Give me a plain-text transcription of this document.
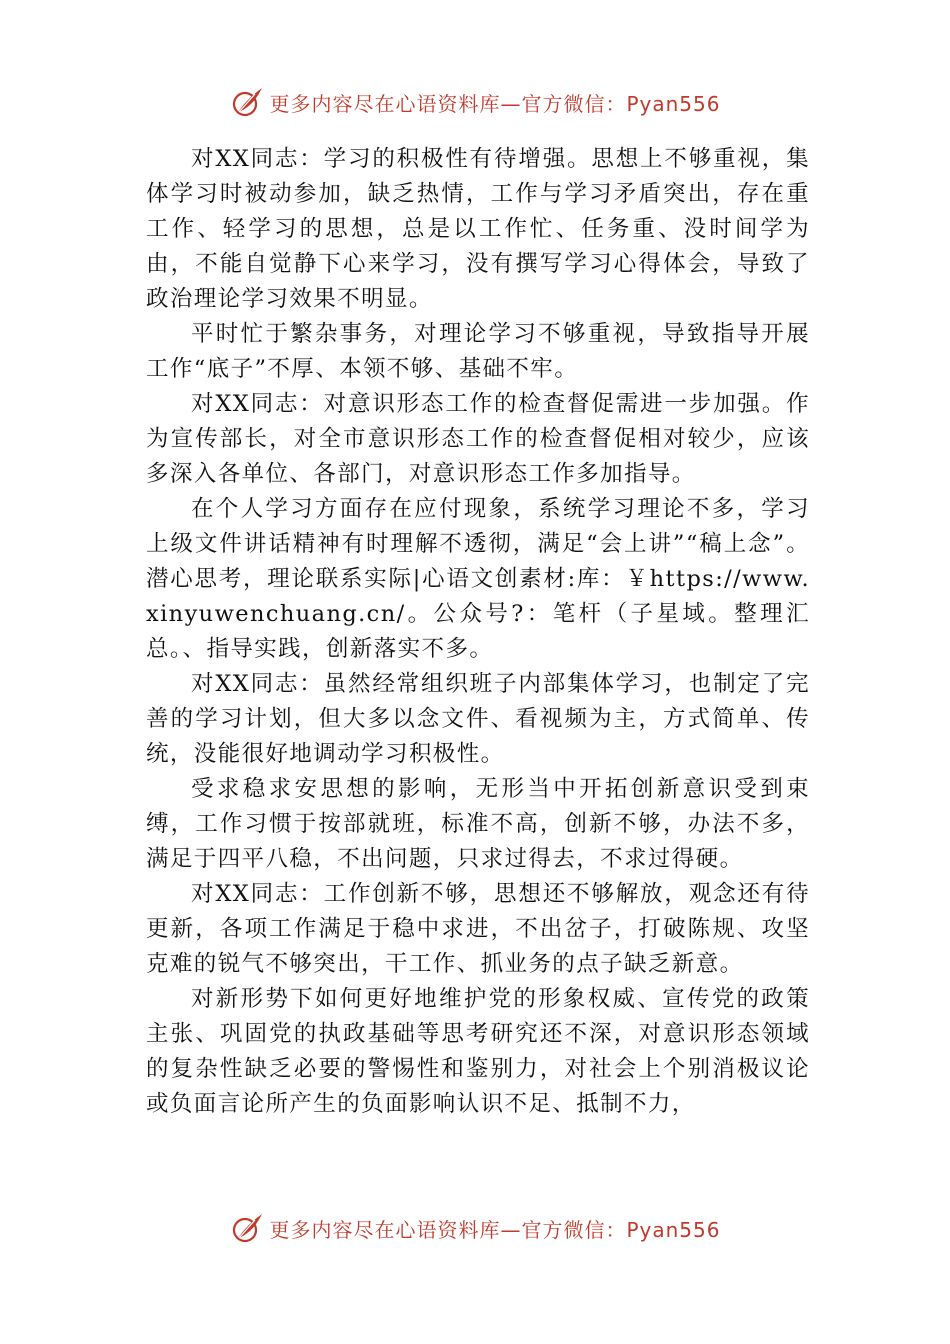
更多内容尽在心语资料库—官方微信：Pyan556

对XX同志：学习的积极性有待增强。思想上不够重视，集体学习时被动参加，缺乏热情，工作与学习矛盾突出，存在重工作、轻学习的思想，总是以工作忙、任务重、没时间学为由，不能自觉静下心来学习，没有撰写学习心得体会，导致了政治理论学习效果不明显。

平时忙于繁杂事务，对理论学习不够重视，导致指导开展工作“底子”不厚、本领不够、基础不牢。

对XX同志：对意识形态工作的检查督促需进一步加强。作为宣传部长，对全市意识形态工作的检查督促相对较少，应该多深入各单位、各部门，对意识形态工作多加指导。

在个人学习方面存在应付现象，系统学习理论不多，学习上级文件讲话精神有时理解不透彻，满足“会上讲”“稿上念”。潜心思考，理论联系实际|心语文创素材:库：￥https://www.xinyuwenchuang.cn/。公众号?：笔杆（子星域。整理汇总。、指导实践，创新落实不多。

对XX同志：虽然经常组织班子内部集体学习，也制定了完善的学习计划，但大多以念文件、看视频为主，方式简单、传统，没能很好地调动学习积极性。

受求稳求安思想的影响，无形当中开拓创新意识受到束缚，工作习惯于按部就班，标准不高，创新不够，办法不多，满足于四平八稳，不出问题，只求过得去，不求过得硬。

对XX同志：工作创新不够，思想还不够解放，观念还有待更新，各项工作满足于稳中求进，不出岔子，打破陈规、攻坚克难的锐气不够突出，干工作、抓业务的点子缺乏新意。

对新形势下如何更好地维护党的形象权威、宣传党的政策主张、巩固党的执政基础等思考研究还不深，对意识形态领域的复杂性缺乏必要的警惕性和鉴别力，对社会上个别消极议论或负面言论所产生的负面影响认识不足、抵制不力，

更多内容尽在心语资料库—官方微信：Pyan556
